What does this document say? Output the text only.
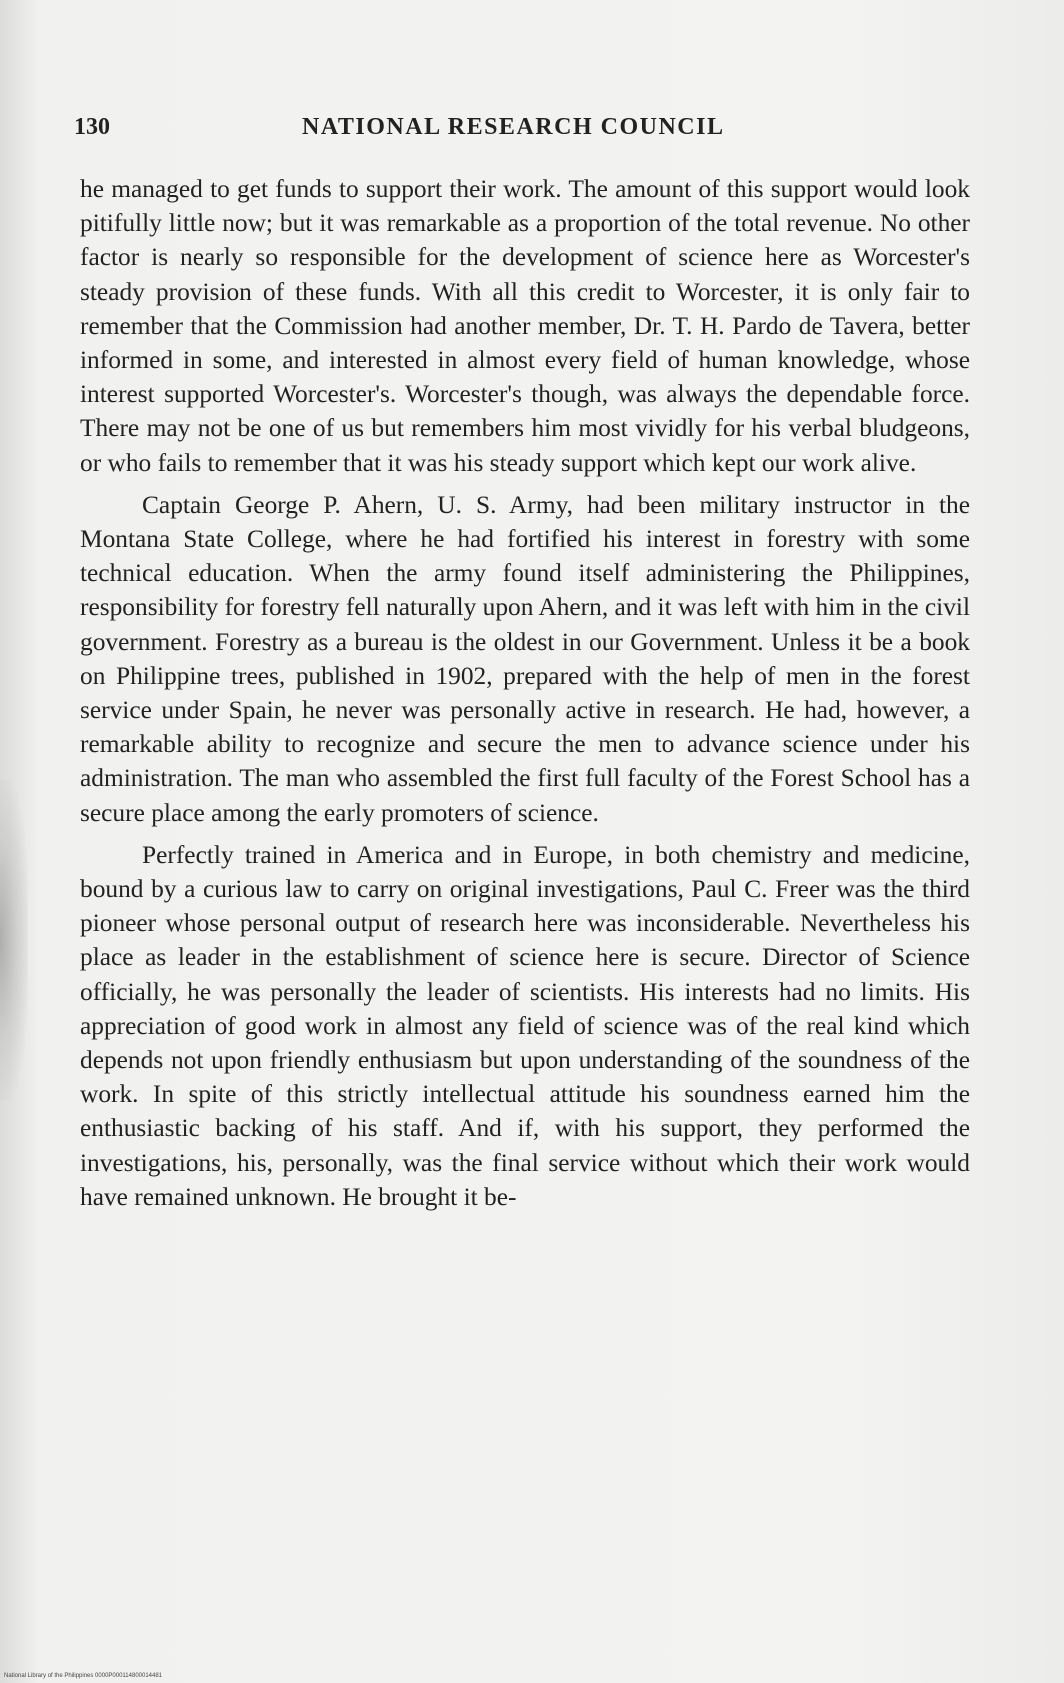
130	NATIONAL RESEARCH COUNCIL

he managed to get funds to support their work. The amount of this support would look pitifully little now; but it was remarkable as a proportion of the total revenue. No other factor is nearly so responsible for the development of science here as Worcester's steady provision of these funds. With all this credit to Worcester, it is only fair to remember that the Commission had another member, Dr. T. H. Pardo de Tavera, better informed in some, and interested in almost every field of human knowledge, whose interest supported Worcester's. Worcester's though, was always the dependable force. There may not be one of us but remembers him most vividly for his verbal bludgeons, or who fails to remember that it was his steady support which kept our work alive.

Captain George P. Ahern, U. S. Army, had been military instructor in the Montana State College, where he had fortified his interest in forestry with some technical education. When the army found itself administering the Philippines, responsibility for forestry fell naturally upon Ahern, and it was left with him in the civil government. Forestry as a bureau is the oldest in our Government. Unless it be a book on Philippine trees, published in 1902, prepared with the help of men in the forest service under Spain, he never was personally active in research. He had, however, a remarkable ability to recognize and secure the men to advance science under his administration. The man who assembled the first full faculty of the Forest School has a secure place among the early promoters of science.

Perfectly trained in America and in Europe, in both chemistry and medicine, bound by a curious law to carry on original investigations, Paul C. Freer was the third pioneer whose personal output of research here was inconsiderable. Nevertheless his place as leader in the establishment of science here is secure. Director of Science officially, he was personally the leader of scientists. His interests had no limits. His appreciation of good work in almost any field of science was of the real kind which depends not upon friendly enthusiasm but upon understanding of the soundness of the work. In spite of this strictly intellectual attitude his soundness earned him the enthusiastic backing of his staff. And if, with his support, they performed the investigations, his, personally, was the final service without which their work would have remained unknown. He brought it be-

National Library of the Philippines 0000P000114800014481
